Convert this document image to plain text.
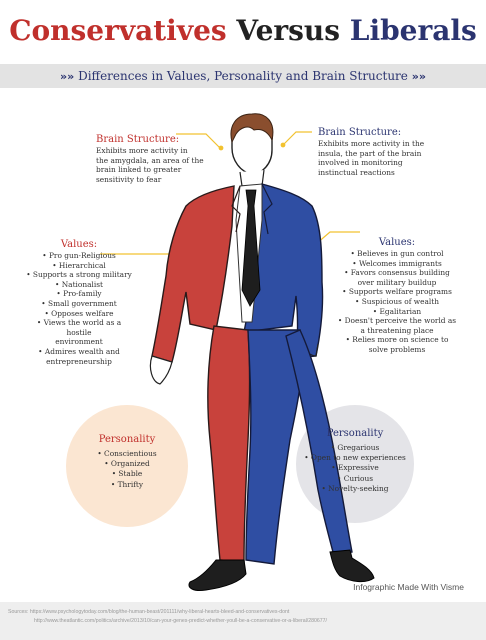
Conservatives Versus Liberals
»» Differences in Values, Personality and Brain Structure »»
Brain Structure:
Exhibits more activity in
the amygdala, an area of the
brain linked to greater
sensitivity to fear
Brain Structure:
Exhibits more activity in the
insula, the part of the brain
involved in monitoring
instinctual reactions
Values:
• Pro gun-Religious
• Hierarchical
• Supports a strong military
• Nationalist
• Pro-family
• Small government
• Opposes welfare
• Views the world as a hostile
environment
• Admires wealth and
entrepreneurship
Values:
• Believes in gun control
• Welcomes immigrants
• Favors consensus building
over military buildup
• Supports welfare programs
• Suspicious of wealth
• Egalitarian
• Doesn't perceive the world as
a threatening place
• Relies more on science to
solve problems
Personality
• Conscientious
• Organized
• Stable
• Thrifty
Personality
• Gregarious
• Open to new experiences
• Expressive
• Curious
• Novelty-seeking
Infographic Made With Visme
Sources: https://www.psychologytoday.com/blog/the-human-beast/201111/why-liberal-hearts-bleed-and-conservatives-dont
http://www.theatlantic.com/politics/archive/2013/10/can-your-genes-predict-whether-youll-be-a-conservative-or-a-liberal/280677/
